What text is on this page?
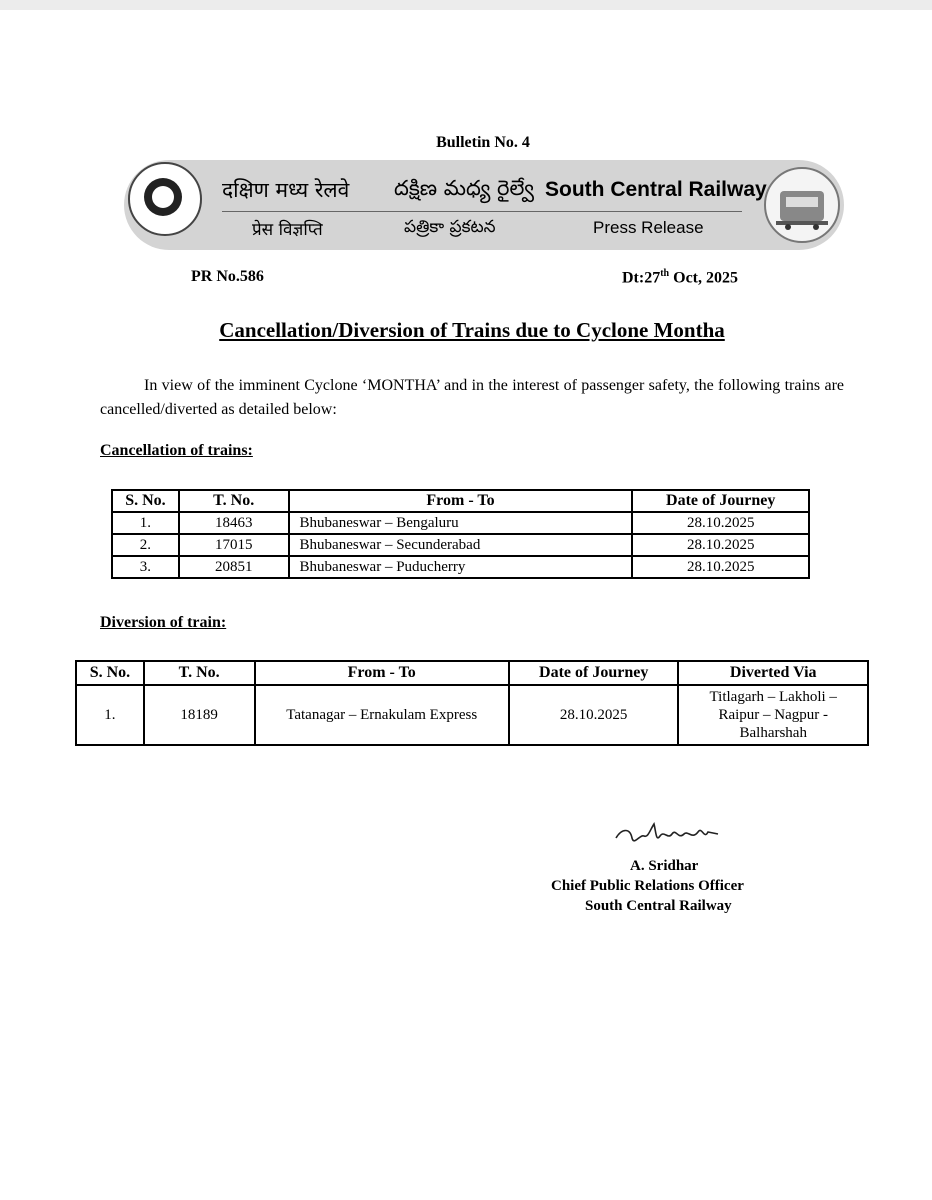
Bulletin No. 4
दक्षिण मध्य रेलवे దక్షిణ మధ్య రైల్వే South Central Railway
प्रेस विज्ञप्ति	పత్రికా ప్రకటన	Press Release
PR No.586	Dt:27th Oct, 2025
Cancellation/Diversion of Trains due to Cyclone Montha
In view of the imminent Cyclone ‘MONTHA’ and in the interest of passenger safety, the following trains are cancelled/diverted as detailed below:
Cancellation of trains:
S. No.	T. No.	From - To	Date of Journey
1.	18463	Bhubaneswar – Bengaluru	28.10.2025
2.	17015	Bhubaneswar – Secunderabad	28.10.2025
3.	20851	Bhubaneswar – Puducherry	28.10.2025
Diversion of train:
S. No.	T. No.	From - To	Date of Journey	Diverted Via
1.	18189	Tatanagar – Ernakulam Express	28.10.2025	Titlagarh – Lakholi – Raipur – Nagpur - Balharshah
A. Sridhar
Chief Public Relations Officer
South Central Railway
